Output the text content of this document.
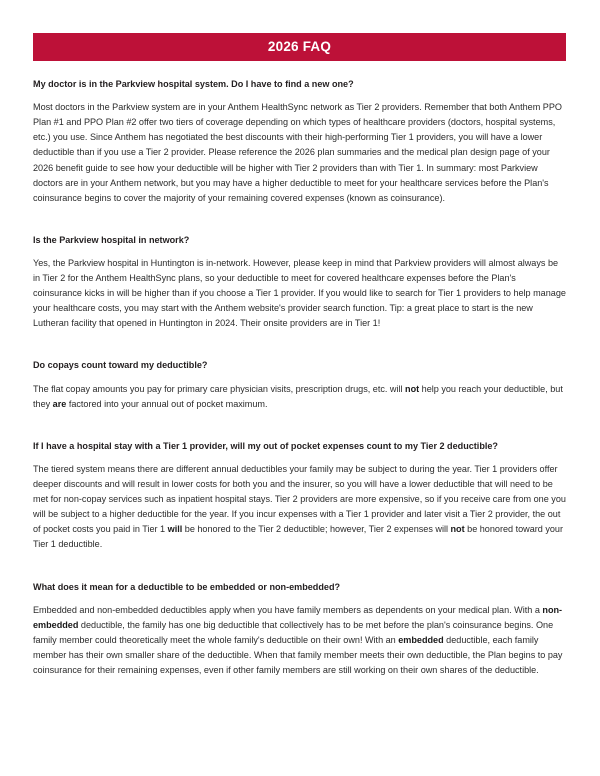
2026 FAQ

My doctor is in the Parkview hospital system. Do I have to find a new one?

Most doctors in the Parkview system are in your Anthem HealthSync network as Tier 2 providers. Remember that both Anthem PPO Plan #1 and PPO Plan #2 offer two tiers of coverage depending on which types of healthcare providers (doctors, hospital systems, etc.) you use. Since Anthem has negotiated the best discounts with their high-performing Tier 1 providers, you will have a lower deductible than if you use a Tier 2 provider. Please reference the 2026 plan summaries and the medical plan design page of your 2026 benefit guide to see how your deductible will be higher with Tier 2 providers than with Tier 1. In summary: most Parkview doctors are in your Anthem network, but you may have a higher deductible to meet for your healthcare services before the Plan's coinsurance begins to cover the majority of your remaining covered expenses (known as coinsurance).

Is the Parkview hospital in network?

Yes, the Parkview hospital in Huntington is in-network. However, please keep in mind that Parkview providers will almost always be in Tier 2 for the Anthem HealthSync plans, so your deductible to meet for covered healthcare expenses before the Plan's coinsurance kicks in will be higher than if you choose a Tier 1 provider. If you would like to search for Tier 1 providers to help manage your healthcare costs, you may start with the Anthem website's provider search function. Tip: a great place to start is the new Lutheran facility that opened in Huntington in 2024. Their onsite providers are in Tier 1!

Do copays count toward my deductible?

The flat copay amounts you pay for primary care physician visits, prescription drugs, etc. will not help you reach your deductible, but they are factored into your annual out of pocket maximum.

If I have a hospital stay with a Tier 1 provider, will my out of pocket expenses count to my Tier 2 deductible?

The tiered system means there are different annual deductibles your family may be subject to during the year. Tier 1 providers offer deeper discounts and will result in lower costs for both you and the insurer, so you will have a lower deductible that will need to be met for non-copay services such as inpatient hospital stays. Tier 2 providers are more expensive, so if you receive care from one you will be subject to a higher deductible for the year. If you incur expenses with a Tier 1 provider and later visit a Tier 2 provider, the out of pocket costs you paid in Tier 1 will be honored to the Tier 2 deductible; however, Tier 2 expenses will not be honored toward your Tier 1 deductible.

What does it mean for a deductible to be embedded or non-embedded?

Embedded and non-embedded deductibles apply when you have family members as dependents on your medical plan. With a non-embedded deductible, the family has one big deductible that collectively has to be met before the plan's coinsurance begins. One family member could theoretically meet the whole family's deductible on their own! With an embedded deductible, each family member has their own smaller share of the deductible. When that family member meets their own deductible, the Plan begins to pay coinsurance for their remaining expenses, even if other family members are still working on their own shares of the deductible.
